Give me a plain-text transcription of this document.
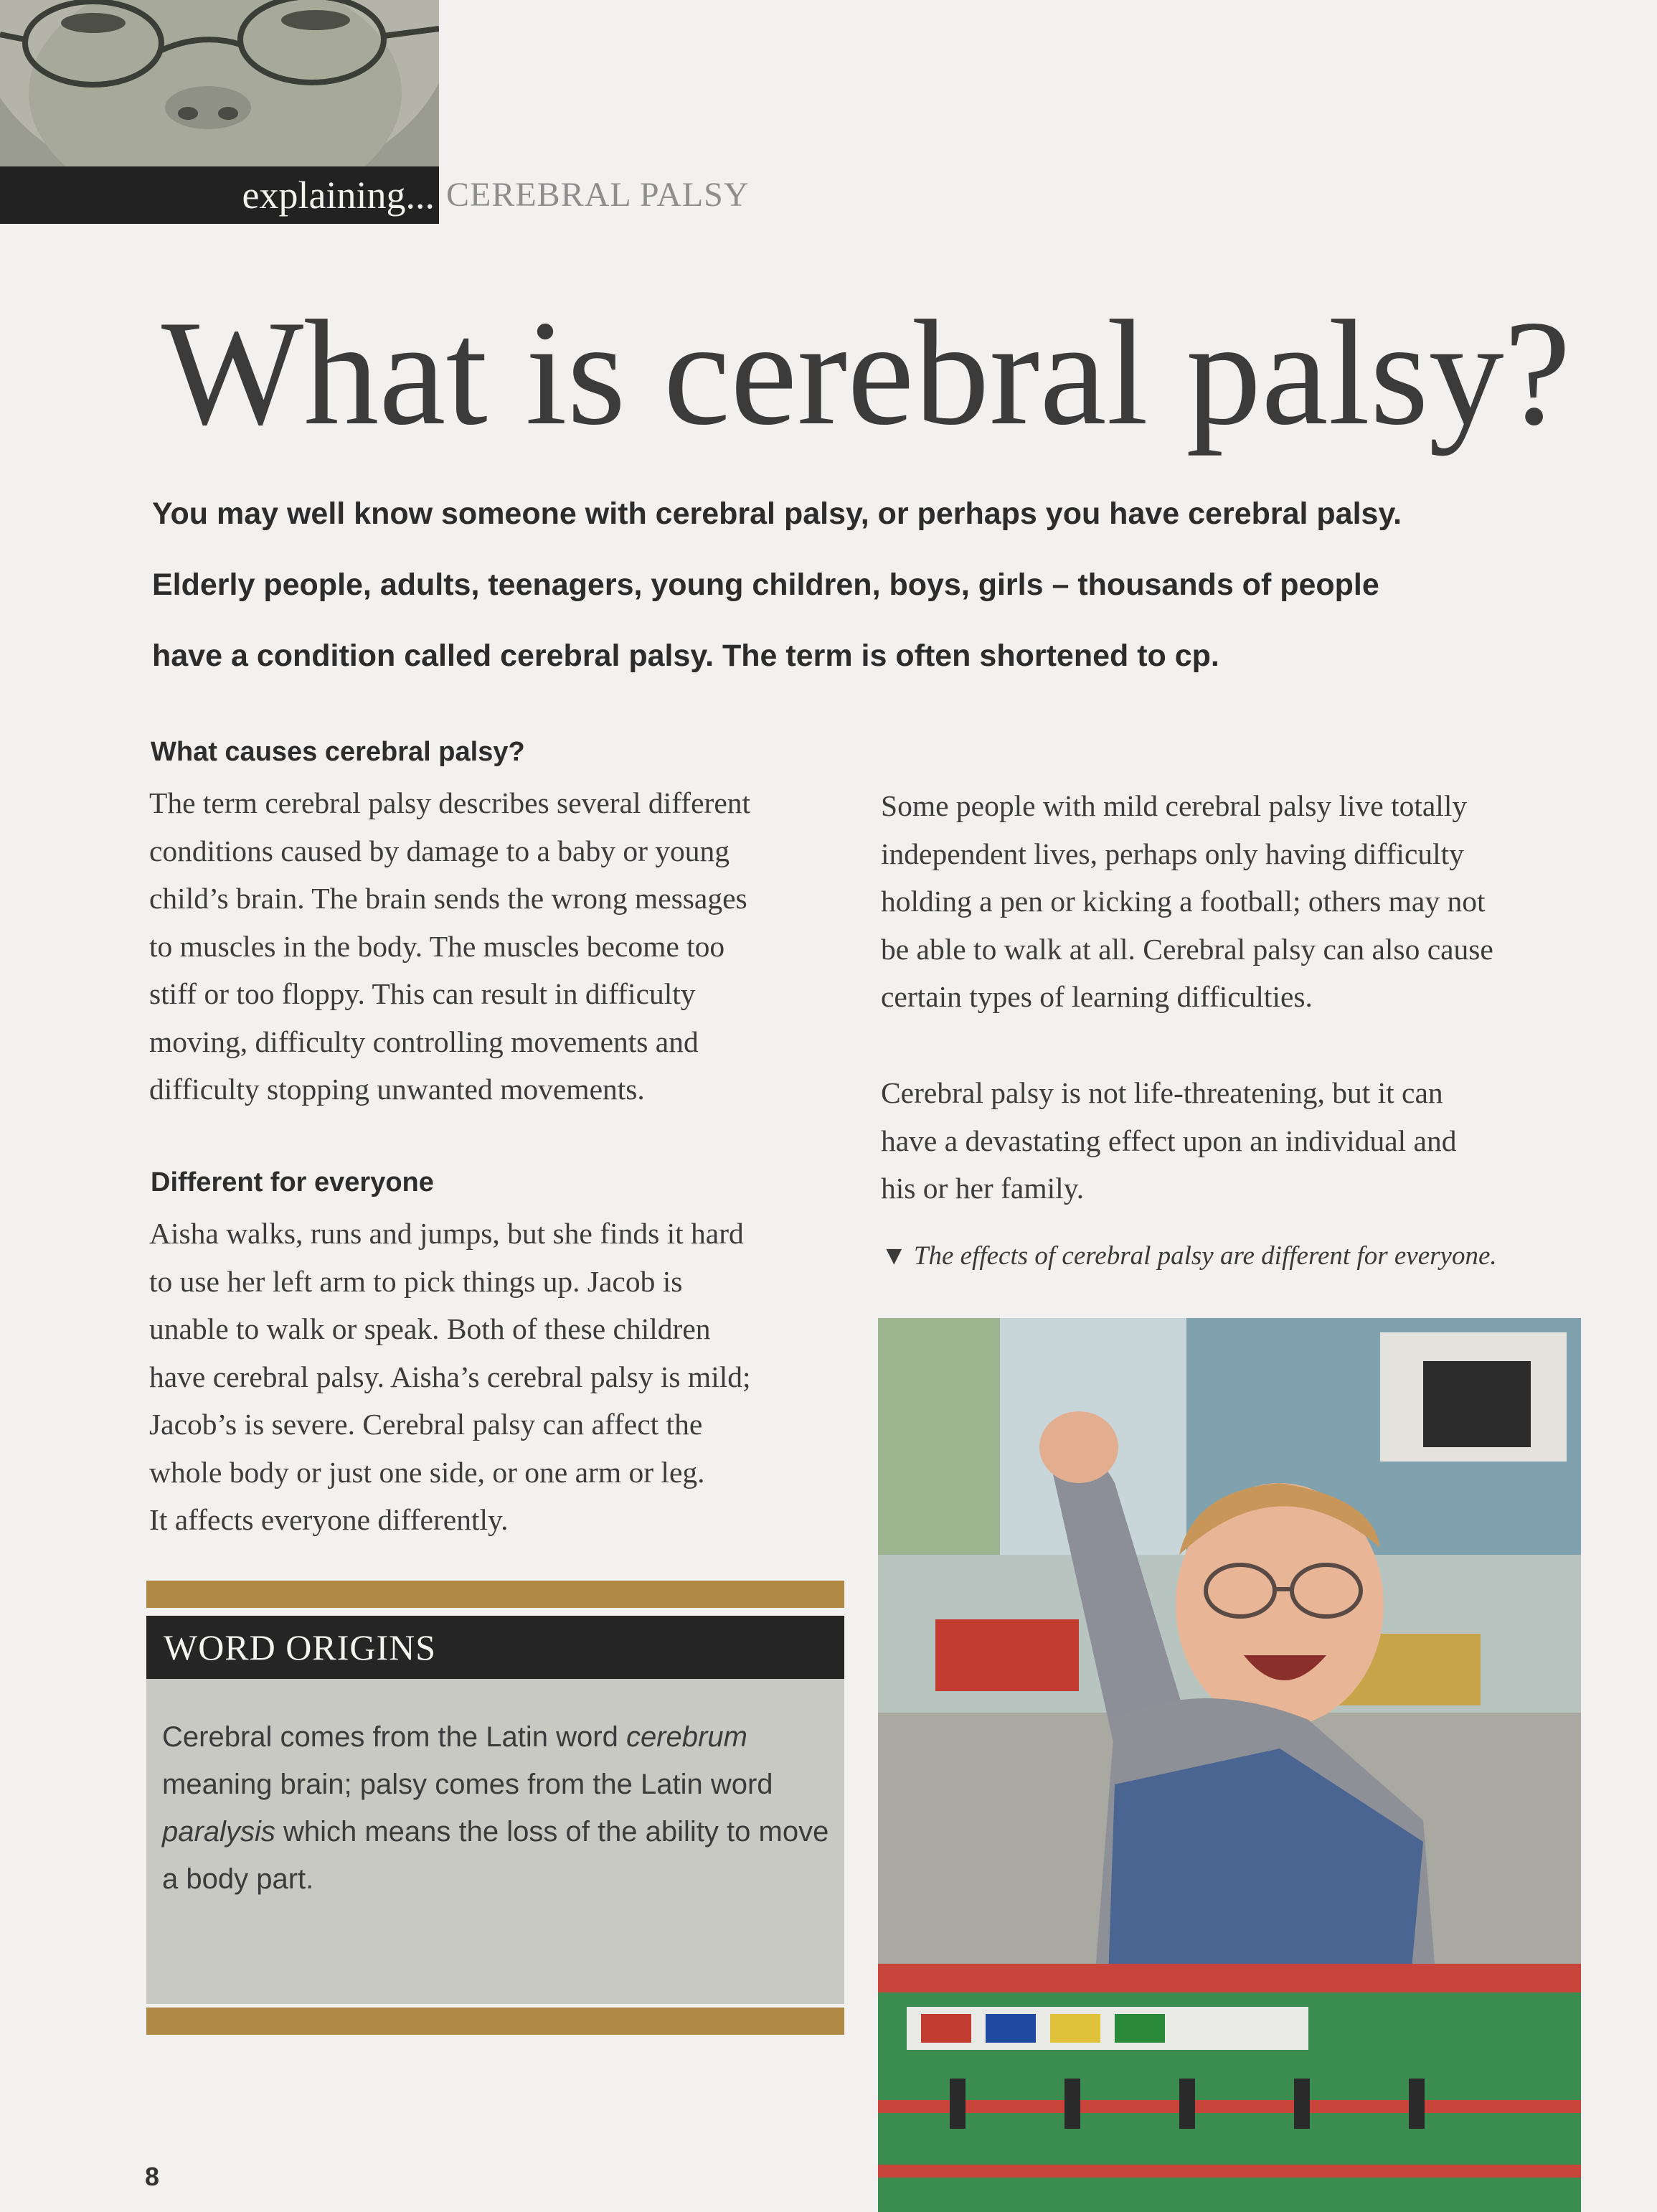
explaining... CEREBRAL PALSY
What is cerebral palsy?
You may well know someone with cerebral palsy, or perhaps you have cerebral palsy.
Elderly people, adults, teenagers, young children, boys, girls – thousands of people
have a condition called cerebral palsy. The term is often shortened to cp.
What causes cerebral palsy?

The term cerebral palsy describes several different

conditions caused by damage to a baby or young

child’s brain. The brain sends the wrong messages

to muscles in the body. The muscles become too

stiff or too floppy. This can result in difficulty

moving, difficulty controlling movements and

difficulty stopping unwanted movements.

Different for everyone

Aisha walks, runs and jumps, but she finds it hard

to use her left arm to pick things up. Jacob is

unable to walk or speak. Both of these children

have cerebral palsy. Aisha’s cerebral palsy is mild;

Jacob’s is severe. Cerebral palsy can affect the

whole body or just one side, or one arm or leg.

It affects everyone differently.

Some people with mild cerebral palsy live totally

independent lives, perhaps only having difficulty

holding a pen or kicking a football; others may not

be able to walk at all. Cerebral palsy can also cause

certain types of learning difficulties.

Cerebral palsy is not life-threatening, but it can

have a devastating effect upon an individual and

his or her family.

▼ The effects of cerebral palsy are different for everyone.
WORD ORIGINS
Cerebral comes from the Latin word cerebrum meaning brain; palsy comes from the Latin word paralysis which means the loss of the ability to move a body part.
8
